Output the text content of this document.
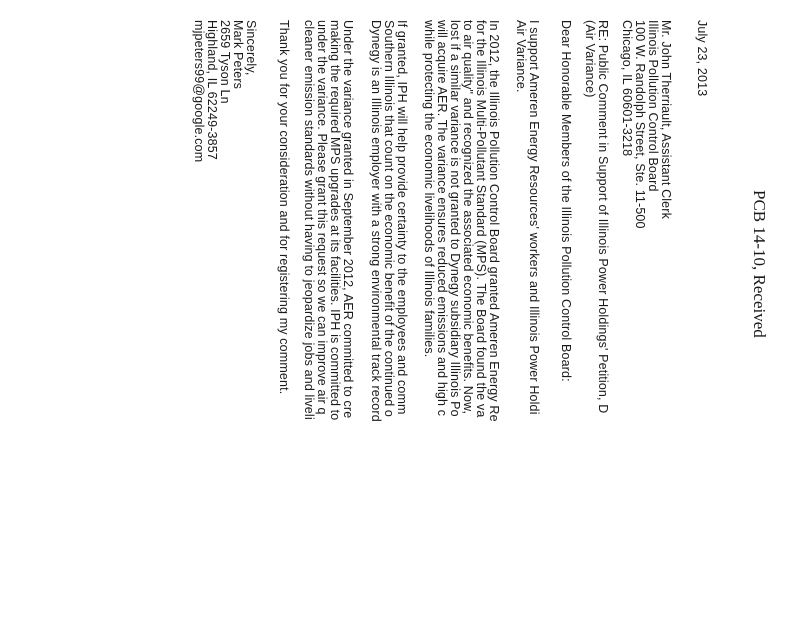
PCB 14-10, Received
July 23, 2013
Mr. John Therriault, Assistant Clerk
Illinois Pollution Control Board
100 W. Randolph Street, Ste. 11-500
Chicago, IL 60601-3218
RE: Public Comment in Support of Illinois Power Holdings' Petition, D
(Air Variance)
Dear Honorable Members of the Illinois Pollution Control Board:
I support Ameren Energy Resources' workers and Illinois Power Holdi
Air Variance.
In 2012, the Illinois Pollution Control Board granted Ameren Energy Re
for the Illinois Multi-Pollutant Standard (MPS). The Board found the va
to air quality" and recognized the associated economic benefits. Now,
lost if a similar variance is not granted to Dynegy subsidiary Illinois Po
will acquire AER. The variance ensures reduced emissions and high c
while protecting the economic livelihoods of Illinois families.
If granted, IPH will help provide certainty to the employees and comm
Southern Illinois that count on the economic benefit of the continued o
Dynegy is an Illinois employer with a strong environmental track record
Under the variance granted in September 2012, AER committed to cre
making the required MPS upgrades at its facilities. IPH is committed to
under the variance. Please grant this request so we can improve air q
cleaner emission standards without having to jeopardize jobs and liveli
Thank you for your consideration and for registering my comment.
Sincerely,
Mark Peters
2659 Tyson Ln
Highland, IL 62249-3857
mjpeters99@google.com
